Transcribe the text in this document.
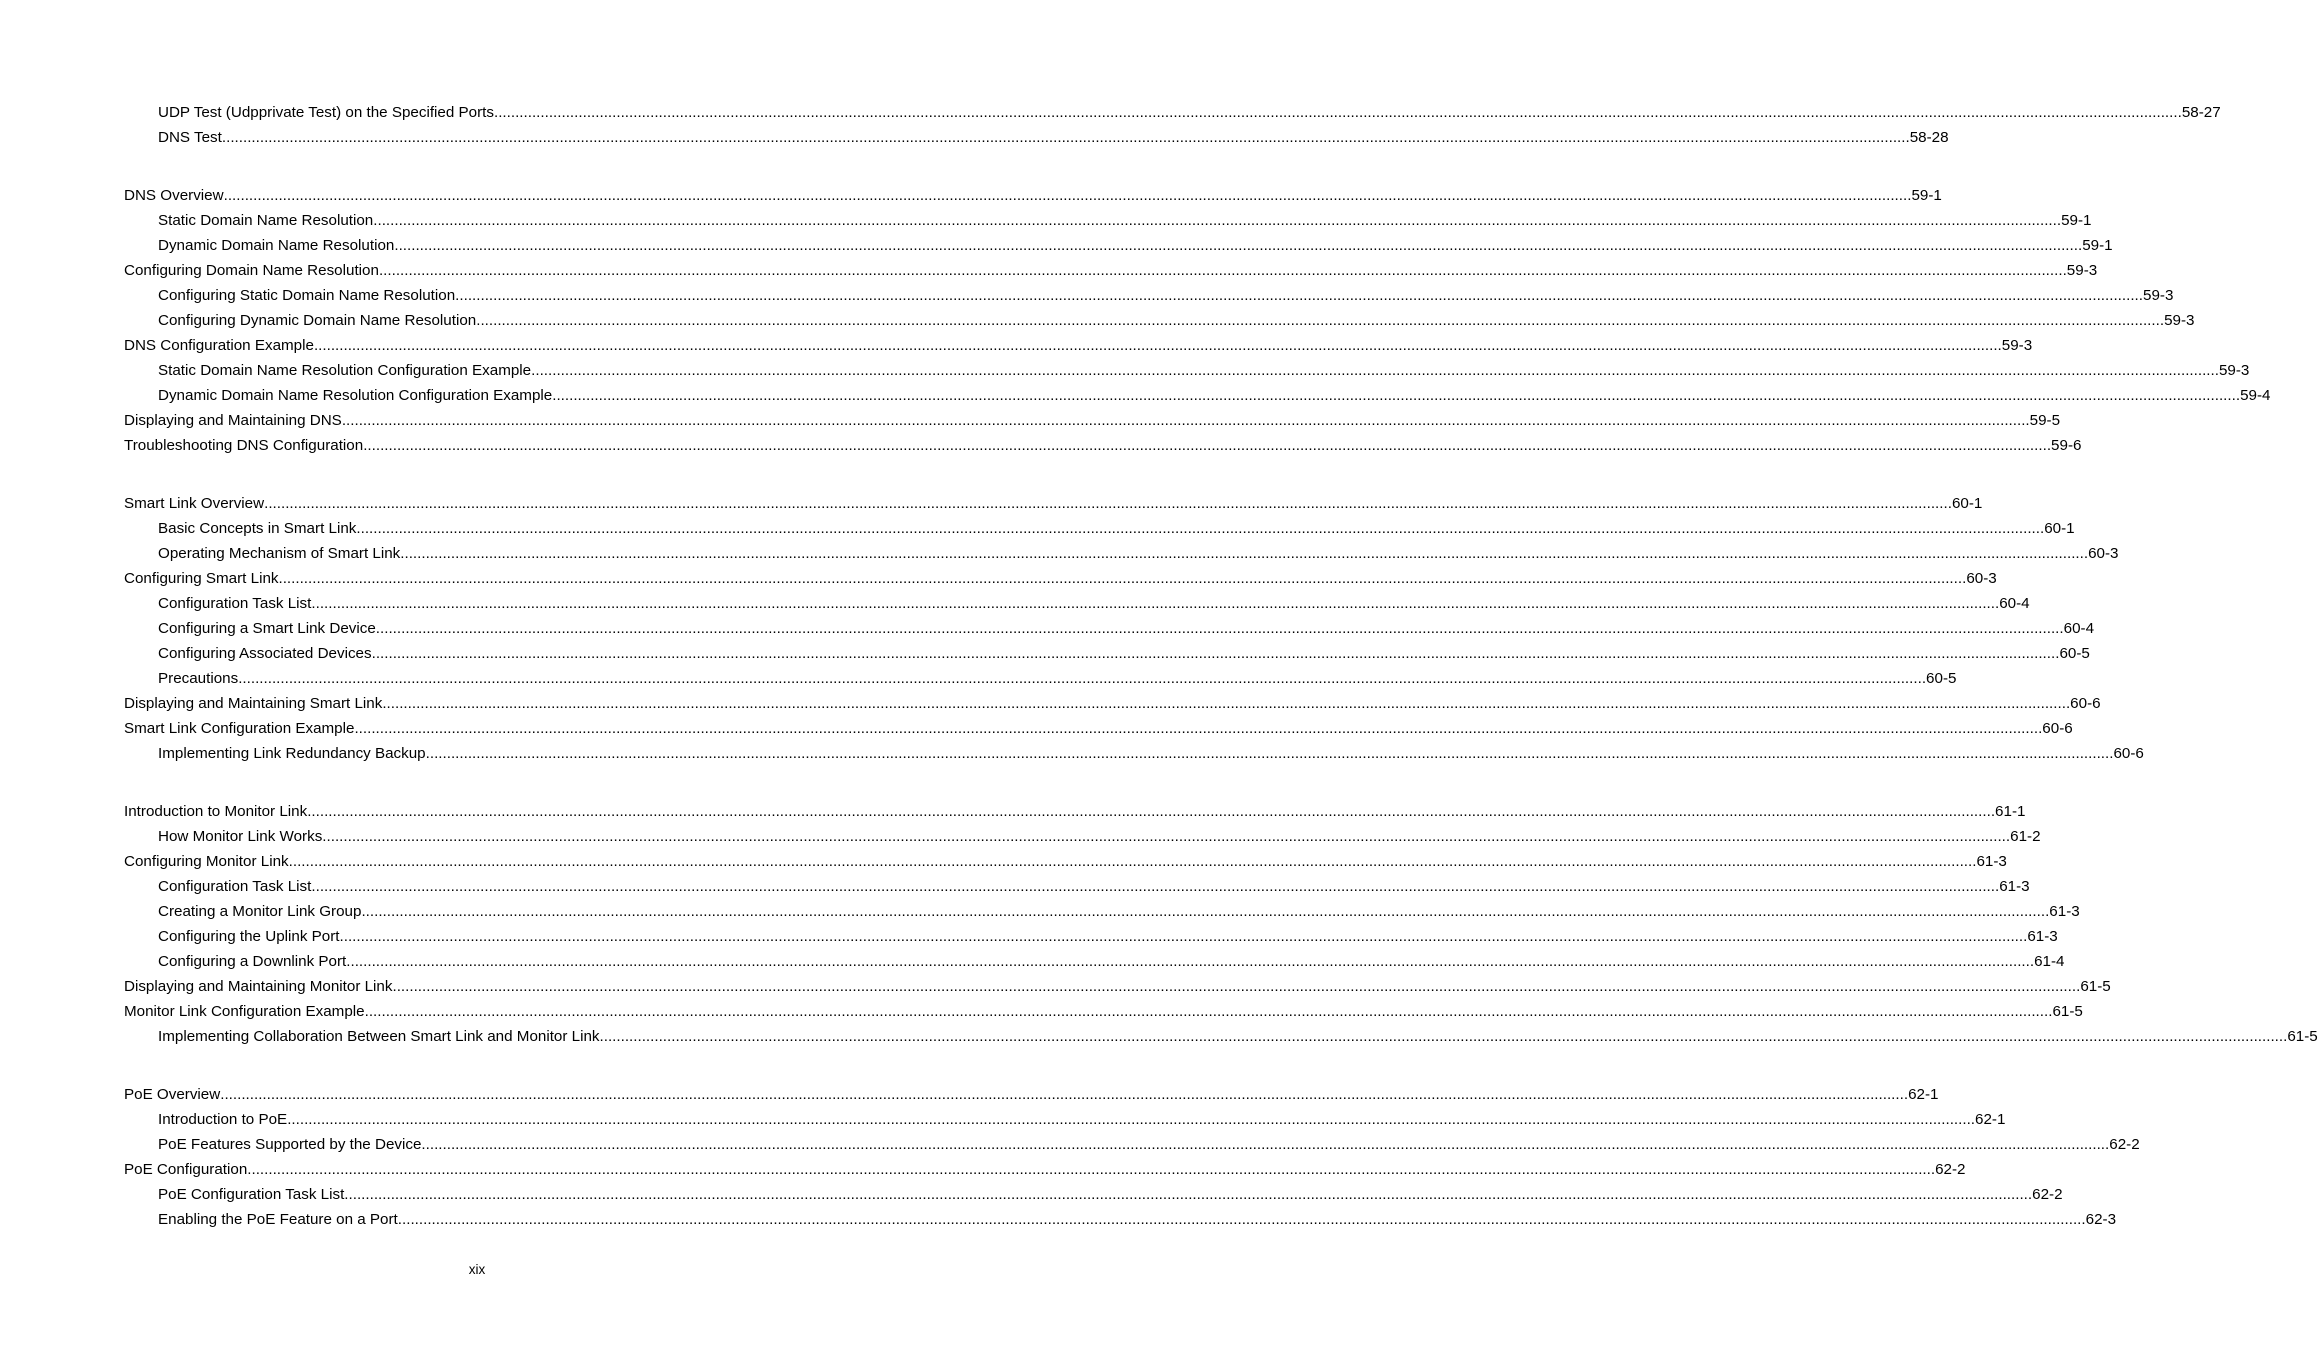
UDP Test (Udpprivate Test) on the Specified Ports ................................................................................................................................................................................................................................................................................................................................................................................................................ 58-27
DNS Test ................................................................................................................................................................................................................................................................................................................................................................................................................ 58-28
DNS Overview ................................................................................................................................................................................................................................................................................................................................................................................................................ 59-1
Static Domain Name Resolution ................................................................................................................................................................................................................................................................................................................................................................................................................ 59-1
Dynamic Domain Name Resolution ................................................................................................................................................................................................................................................................................................................................................................................................................ 59-1
Configuring Domain Name Resolution ................................................................................................................................................................................................................................................................................................................................................................................................................ 59-3
Configuring Static Domain Name Resolution ................................................................................................................................................................................................................................................................................................................................................................................................................ 59-3
Configuring Dynamic Domain Name Resolution ................................................................................................................................................................................................................................................................................................................................................................................................................ 59-3
DNS Configuration Example ................................................................................................................................................................................................................................................................................................................................................................................................................ 59-3
Static Domain Name Resolution Configuration Example ................................................................................................................................................................................................................................................................................................................................................................................................................ 59-3
Dynamic Domain Name Resolution Configuration Example ................................................................................................................................................................................................................................................................................................................................................................................................................ 59-4
Displaying and Maintaining DNS ................................................................................................................................................................................................................................................................................................................................................................................................................ 59-5
Troubleshooting DNS Configuration ................................................................................................................................................................................................................................................................................................................................................................................................................ 59-6
Smart Link Overview ................................................................................................................................................................................................................................................................................................................................................................................................................ 60-1
Basic Concepts in Smart Link ................................................................................................................................................................................................................................................................................................................................................................................................................ 60-1
Operating Mechanism of Smart Link ................................................................................................................................................................................................................................................................................................................................................................................................................ 60-3
Configuring Smart Link ................................................................................................................................................................................................................................................................................................................................................................................................................ 60-3
Configuration Task List ................................................................................................................................................................................................................................................................................................................................................................................................................ 60-4
Configuring a Smart Link Device ................................................................................................................................................................................................................................................................................................................................................................................................................ 60-4
Configuring Associated Devices ................................................................................................................................................................................................................................................................................................................................................................................................................ 60-5
Precautions ................................................................................................................................................................................................................................................................................................................................................................................................................ 60-5
Displaying and Maintaining Smart Link ................................................................................................................................................................................................................................................................................................................................................................................................................ 60-6
Smart Link Configuration Example ................................................................................................................................................................................................................................................................................................................................................................................................................ 60-6
Implementing Link Redundancy Backup ................................................................................................................................................................................................................................................................................................................................................................................................................ 60-6
Introduction to Monitor Link ................................................................................................................................................................................................................................................................................................................................................................................................................ 61-1
How Monitor Link Works ................................................................................................................................................................................................................................................................................................................................................................................................................ 61-2
Configuring Monitor Link ................................................................................................................................................................................................................................................................................................................................................................................................................ 61-3
Configuration Task List ................................................................................................................................................................................................................................................................................................................................................................................................................ 61-3
Creating a Monitor Link Group ................................................................................................................................................................................................................................................................................................................................................................................................................ 61-3
Configuring the Uplink Port ................................................................................................................................................................................................................................................................................................................................................................................................................ 61-3
Configuring a Downlink Port ................................................................................................................................................................................................................................................................................................................................................................................................................ 61-4
Displaying and Maintaining Monitor Link ................................................................................................................................................................................................................................................................................................................................................................................................................ 61-5
Monitor Link Configuration Example ................................................................................................................................................................................................................................................................................................................................................................................................................ 61-5
Implementing Collaboration Between Smart Link and Monitor Link ................................................................................................................................................................................................................................................................................................................................................................................................................ 61-5
PoE Overview ................................................................................................................................................................................................................................................................................................................................................................................................................ 62-1
Introduction to PoE ................................................................................................................................................................................................................................................................................................................................................................................................................ 62-1
PoE Features Supported by the Device ................................................................................................................................................................................................................................................................................................................................................................................................................ 62-2
PoE Configuration ................................................................................................................................................................................................................................................................................................................................................................................................................ 62-2
PoE Configuration Task List ................................................................................................................................................................................................................................................................................................................................................................................................................ 62-2
Enabling the PoE Feature on a Port ................................................................................................................................................................................................................................................................................................................................................................................................................ 62-3
xix
